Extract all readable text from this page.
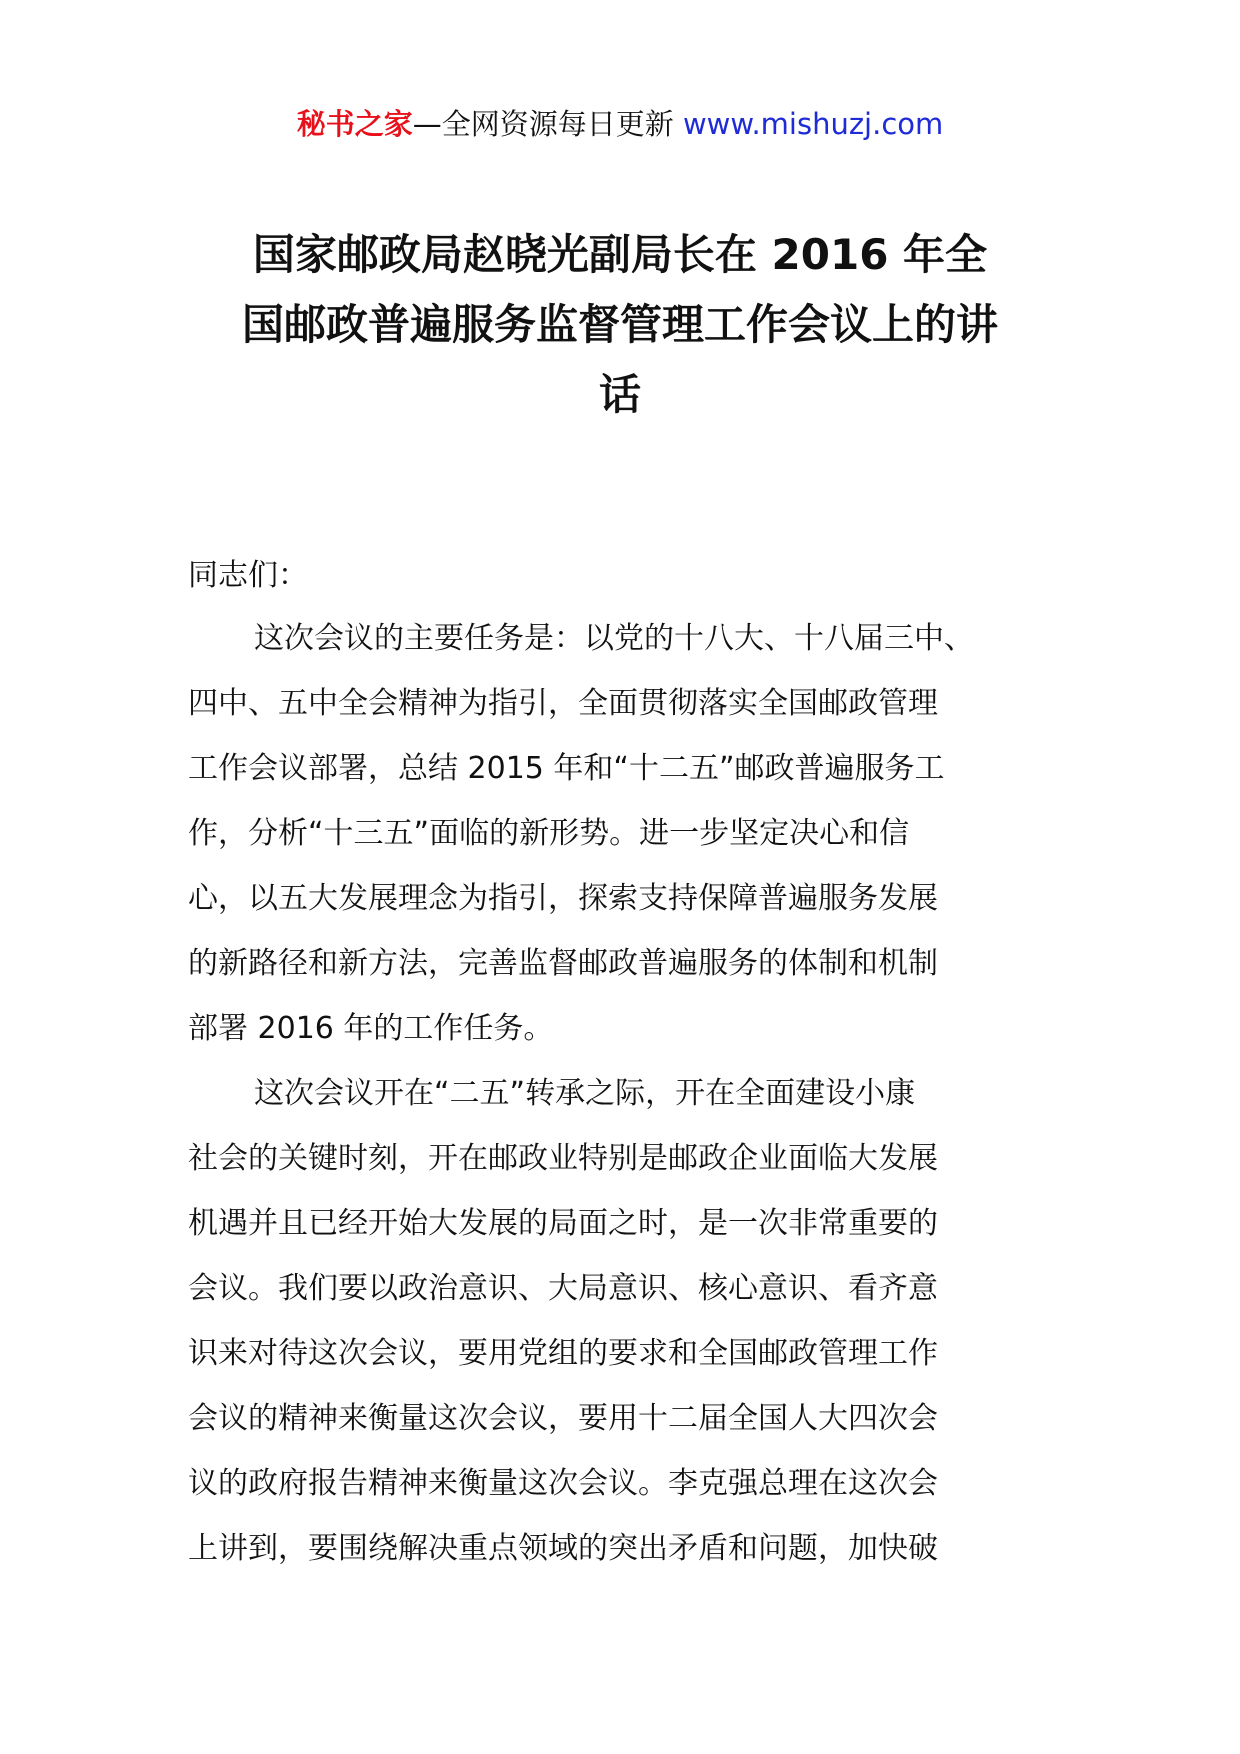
秘书之家—全网资源每日更新 www.mishuzj.com
国家邮政局赵晓光副局长在 2016 年全
国邮政普遍服务监督管理工作会议上的讲
话
同志们：
这次会议的主要任务是：以党的十八大、十八届三中、
四中、五中全会精神为指引，全面贯彻落实全国邮政管理
工作会议部署，总结 2015 年和“十二五”邮政普遍服务工
作，分析“十三五”面临的新形势。进一步坚定决心和信
心，以五大发展理念为指引，探索支持保障普遍服务发展
的新路径和新方法，完善监督邮政普遍服务的体制和机制
部署 2016 年的工作任务。
这次会议开在“二五”转承之际，开在全面建设小康
社会的关键时刻，开在邮政业特别是邮政企业面临大发展
机遇并且已经开始大发展的局面之时，是一次非常重要的
会议。我们要以政治意识、大局意识、核心意识、看齐意
识来对待这次会议，要用党组的要求和全国邮政管理工作
会议的精神来衡量这次会议，要用十二届全国人大四次会
议的政府报告精神来衡量这次会议。李克强总理在这次会
上讲到，要围绕解决重点领域的突出矛盾和问题，加快破
